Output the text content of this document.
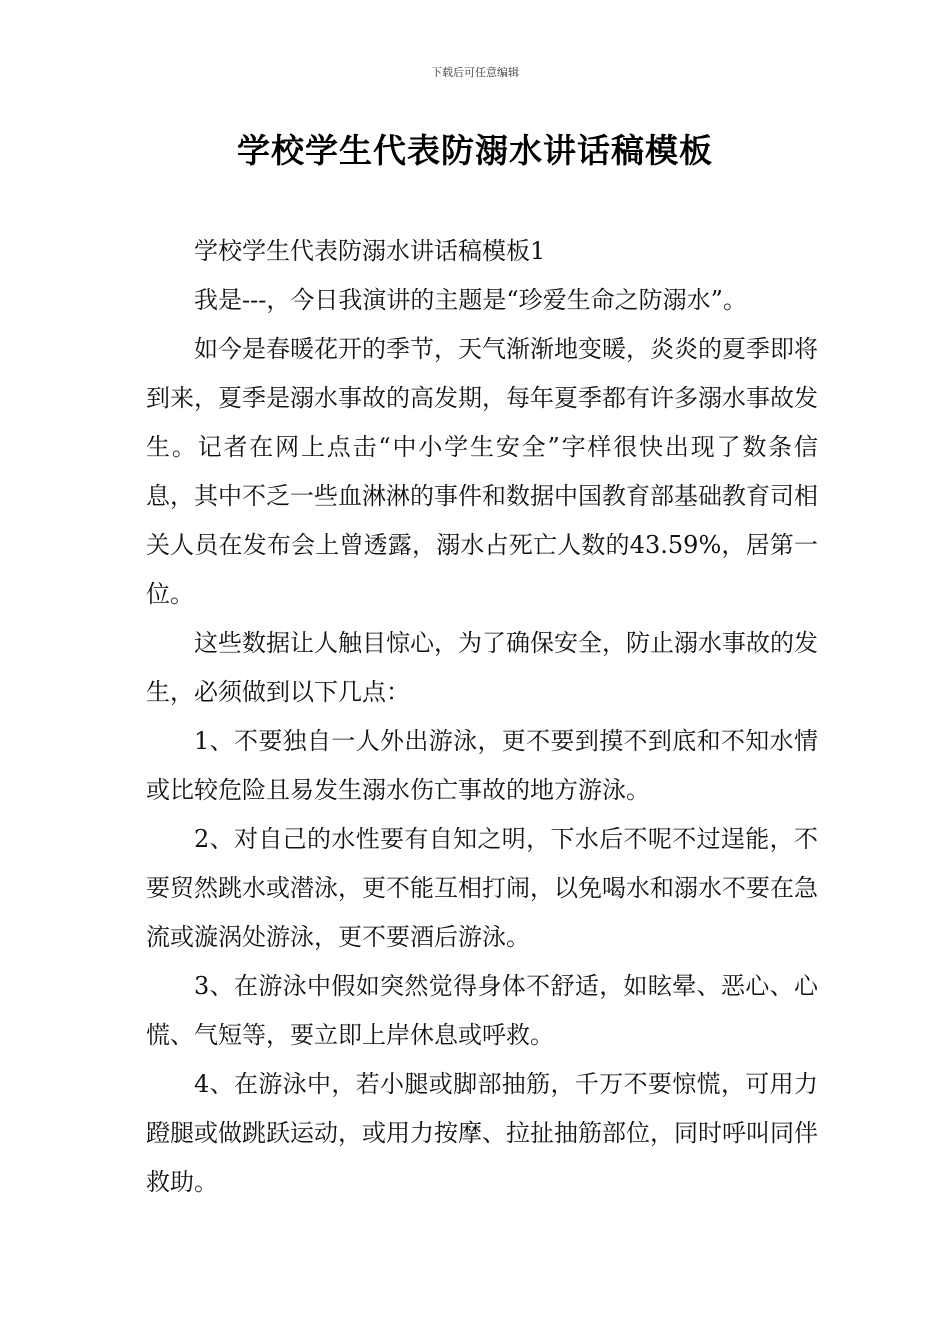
下载后可任意编辑
学校学生代表防溺水讲话稿模板

学校学生代表防溺水讲话稿模板1

我是---，今日我演讲的主题是“珍爱生命之防溺水”。

如今是春暖花开的季节，天气渐渐地变暖，炎炎的夏季即将到来，夏季是溺水事故的高发期，每年夏季都有许多溺水事故发生。记者在网上点击“中小学生安全”字样很快出现了数条信息，其中不乏一些血淋淋的事件和数据中国教育部基础教育司相关人员在发布会上曾透露，溺水占死亡人数的43.59%，居第一位。

这些数据让人触目惊心，为了确保安全，防止溺水事故的发生，必须做到以下几点：

1、不要独自一人外出游泳，更不要到摸不到底和不知水情或比较危险且易发生溺水伤亡事故的地方游泳。

2、对自己的水性要有自知之明，下水后不呢不过逞能，不要贸然跳水或潜泳，更不能互相打闹，以免喝水和溺水不要在急流或漩涡处游泳，更不要酒后游泳。

3、在游泳中假如突然觉得身体不舒适，如眩晕、恶心、心慌、气短等，要立即上岸休息或呼救。

4、在游泳中，若小腿或脚部抽筋，千万不要惊慌，可用力蹬腿或做跳跃运动，或用力按摩、拉扯抽筋部位，同时呼叫同伴救助。
